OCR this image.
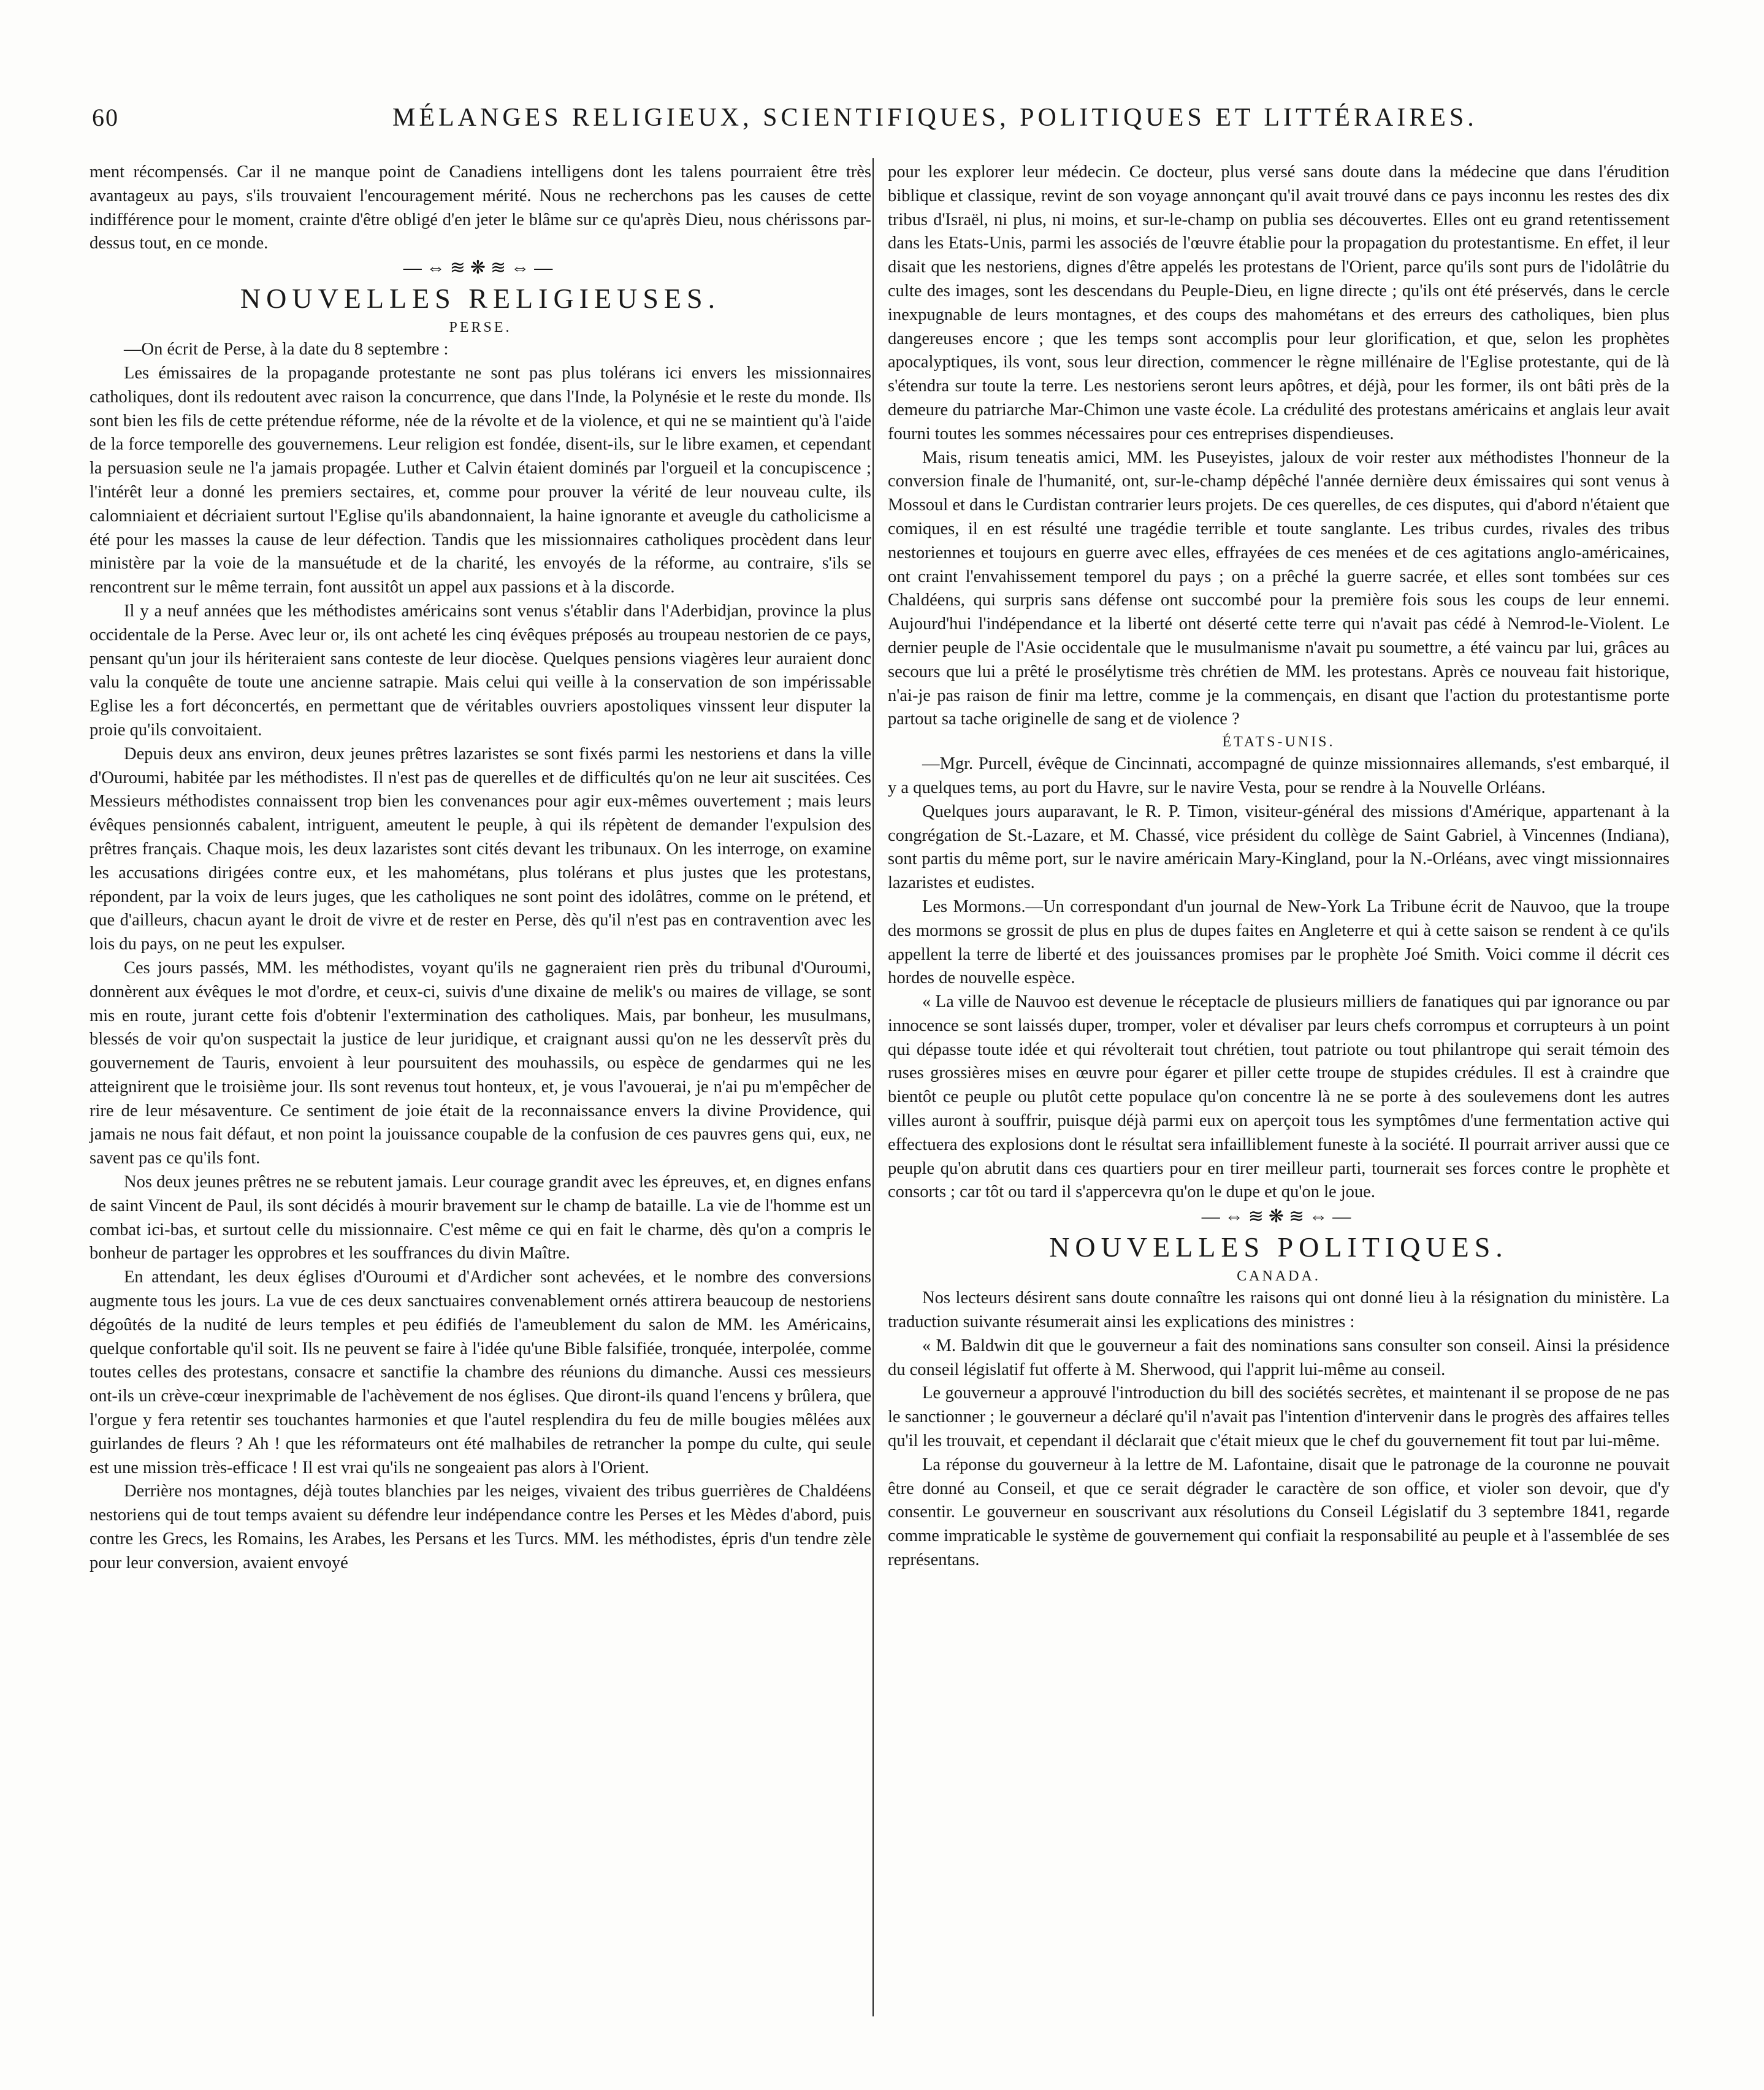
60	MÉLANGES RELIGIEUX, SCIENTIFIQUES, POLITIQUES ET LITTÉRAIRES.

ment récompensés. Car il ne manque point de Canadiens intelligens dont les talens pourraient être très avantageux au pays, s'ils trouvaient l'encouragement mérité. Nous ne recherchons pas les causes de cette indifférence pour le moment, crainte d'être obligé d'en jeter le blâme sur ce qu'après Dieu, nous chérissons par-dessus tout, en ce monde.

—⇔≋❋≋⇔—
NOUVELLES RELIGIEUSES.
PERSE.

—On écrit de Perse, à la date du 8 septembre :

Les émissaires de la propagande protestante ne sont pas plus tolérans ici envers les missionnaires catholiques, dont ils redoutent avec raison la concurrence, que dans l'Inde, la Polynésie et le reste du monde. Ils sont bien les fils de cette prétendue réforme, née de la révolte et de la violence, et qui ne se maintient qu'à l'aide de la force temporelle des gouvernemens. Leur religion est fondée, disent-ils, sur le libre examen, et cependant la persuasion seule ne l'a jamais propagée. Luther et Calvin étaient dominés par l'orgueil et la concupiscence ; l'intérêt leur a donné les premiers sectaires, et, comme pour prouver la vérité de leur nouveau culte, ils calomniaient et décriaient surtout l'Eglise qu'ils abandonnaient, la haine ignorante et aveugle du catholicisme a été pour les masses la cause de leur défection. Tandis que les missionnaires catholiques procèdent dans leur ministère par la voie de la mansuétude et de la charité, les envoyés de la réforme, au contraire, s'ils se rencontrent sur le même terrain, font aussitôt un appel aux passions et à la discorde.

Il y a neuf années que les méthodistes américains sont venus s'établir dans l'Aderbidjan, province la plus occidentale de la Perse. Avec leur or, ils ont acheté les cinq évêques préposés au troupeau nestorien de ce pays, pensant qu'un jour ils hériteraient sans conteste de leur diocèse. Quelques pensions viagères leur auraient donc valu la conquête de toute une ancienne satrapie. Mais celui qui veille à la conservation de son impérissable Eglise les a fort déconcertés, en permettant que de véritables ouvriers apostoliques vinssent leur disputer la proie qu'ils convoitaient.

Depuis deux ans environ, deux jeunes prêtres lazaristes se sont fixés parmi les nestoriens et dans la ville d'Ouroumi, habitée par les méthodistes. Il n'est pas de querelles et de difficultés qu'on ne leur ait suscitées. Ces Messieurs méthodistes connaissent trop bien les convenances pour agir eux-mêmes ouvertement ; mais leurs évêques pensionnés cabalent, intriguent, ameutent le peuple, à qui ils répètent de demander l'expulsion des prêtres français. Chaque mois, les deux lazaristes sont cités devant les tribunaux. On les interroge, on examine les accusations dirigées contre eux, et les mahométans, plus tolérans et plus justes que les protestans, répondent, par la voix de leurs juges, que les catholiques ne sont point des idolâtres, comme on le prétend, et que d'ailleurs, chacun ayant le droit de vivre et de rester en Perse, dès qu'il n'est pas en contravention avec les lois du pays, on ne peut les expulser.

Ces jours passés, MM. les méthodistes, voyant qu'ils ne gagneraient rien près du tribunal d'Ouroumi, donnèrent aux évêques le mot d'ordre, et ceux-ci, suivis d'une dixaine de melik's ou maires de village, se sont mis en route, jurant cette fois d'obtenir l'extermination des catholiques. Mais, par bonheur, les musulmans, blessés de voir qu'on suspectait la justice de leur juridique, et craignant aussi qu'on ne les desservît près du gouvernement de Tauris, envoient à leur poursuitent des mouhassils, ou espèce de gendarmes qui ne les atteignirent que le troisième jour. Ils sont revenus tout honteux, et, je vous l'avouerai, je n'ai pu m'empêcher de rire de leur mésaventure. Ce sentiment de joie était de la reconnaissance envers la divine Providence, qui jamais ne nous fait défaut, et non point la jouissance coupable de la confusion de ces pauvres gens qui, eux, ne savent pas ce qu'ils font.

Nos deux jeunes prêtres ne se rebutent jamais. Leur courage grandit avec les épreuves, et, en dignes enfans de saint Vincent de Paul, ils sont décidés à mourir bravement sur le champ de bataille. La vie de l'homme est un combat ici-bas, et surtout celle du missionnaire. C'est même ce qui en fait le charme, dès qu'on a compris le bonheur de partager les opprobres et les souffrances du divin Maître.

En attendant, les deux églises d'Ouroumi et d'Ardicher sont achevées, et le nombre des conversions augmente tous les jours. La vue de ces deux sanctuaires convenablement ornés attirera beaucoup de nestoriens dégoûtés de la nudité de leurs temples et peu édifiés de l'ameublement du salon de MM. les Américains, quelque confortable qu'il soit. Ils ne peuvent se faire à l'idée qu'une Bible falsifiée, tronquée, interpolée, comme toutes celles des protestans, consacre et sanctifie la chambre des réunions du dimanche. Aussi ces messieurs ont-ils un crève-cœur inexprimable de l'achèvement de nos églises. Que diront-ils quand l'encens y brûlera, que l'orgue y fera retentir ses touchantes harmonies et que l'autel resplendira du feu de mille bougies mêlées aux guirlandes de fleurs ? Ah ! que les réformateurs ont été malhabiles de retrancher la pompe du culte, qui seule est une mission très-efficace ! Il est vrai qu'ils ne songeaient pas alors à l'Orient.

Derrière nos montagnes, déjà toutes blanchies par les neiges, vivaient des tribus guerrières de Chaldéens nestoriens qui de tout temps avaient su défendre leur indépendance contre les Perses et les Mèdes d'abord, puis contre les Grecs, les Romains, les Arabes, les Persans et les Turcs. MM. les méthodistes, épris d'un tendre zèle pour leur conversion, avaient envoyé

pour les explorer leur médecin. Ce docteur, plus versé sans doute dans la médecine que dans l'érudition biblique et classique, revint de son voyage annonçant qu'il avait trouvé dans ce pays inconnu les restes des dix tribus d'Israël, ni plus, ni moins, et sur-le-champ on publia ses découvertes. Elles ont eu grand retentissement dans les Etats-Unis, parmi les associés de l'œuvre établie pour la propagation du protestantisme. En effet, il leur disait que les nestoriens, dignes d'être appelés les protestans de l'Orient, parce qu'ils sont purs de l'idolâtrie du culte des images, sont les descendans du Peuple-Dieu, en ligne directe ; qu'ils ont été préservés, dans le cercle inexpugnable de leurs montagnes, et des coups des mahométans et des erreurs des catholiques, bien plus dangereuses encore ; que les temps sont accomplis pour leur glorification, et que, selon les prophètes apocalyptiques, ils vont, sous leur direction, commencer le règne millénaire de l'Eglise protestante, qui de là s'étendra sur toute la terre. Les nestoriens seront leurs apôtres, et déjà, pour les former, ils ont bâti près de la demeure du patriarche Mar-Chimon une vaste école. La crédulité des protestans américains et anglais leur avait fourni toutes les sommes nécessaires pour ces entreprises dispendieuses.

Mais, risum teneatis amici, MM. les Puseyistes, jaloux de voir rester aux méthodistes l'honneur de la conversion finale de l'humanité, ont, sur-le-champ dépêché l'année dernière deux émissaires qui sont venus à Mossoul et dans le Curdistan contrarier leurs projets. De ces querelles, de ces disputes, qui d'abord n'étaient que comiques, il en est résulté une tragédie terrible et toute sanglante. Les tribus curdes, rivales des tribus nestoriennes et toujours en guerre avec elles, effrayées de ces menées et de ces agitations anglo-américaines, ont craint l'envahissement temporel du pays ; on a prêché la guerre sacrée, et elles sont tombées sur ces Chaldéens, qui surpris sans défense ont succombé pour la première fois sous les coups de leur ennemi. Aujourd'hui l'indépendance et la liberté ont déserté cette terre qui n'avait pas cédé à Nemrod-le-Violent. Le dernier peuple de l'Asie occidentale que le musulmanisme n'avait pu soumettre, a été vaincu par lui, grâces au secours que lui a prêté le prosélytisme très chrétien de MM. les protestans. Après ce nouveau fait historique, n'ai-je pas raison de finir ma lettre, comme je la commençais, en disant que l'action du protestantisme porte partout sa tache originelle de sang et de violence ?

ÉTATS-UNIS.

—Mgr. Purcell, évêque de Cincinnati, accompagné de quinze missionnaires allemands, s'est embarqué, il y a quelques tems, au port du Havre, sur le navire Vesta, pour se rendre à la Nouvelle Orléans.

Quelques jours auparavant, le R. P. Timon, visiteur-général des missions d'Amérique, appartenant à la congrégation de St.-Lazare, et M. Chassé, vice président du collège de Saint Gabriel, à Vincennes (Indiana), sont partis du même port, sur le navire américain Mary-Kingland, pour la N.-Orléans, avec vingt missionnaires lazaristes et eudistes.

Les Mormons.—Un correspondant d'un journal de New-York La Tribune écrit de Nauvoo, que la troupe des mormons se grossit de plus en plus de dupes faites en Angleterre et qui à cette saison se rendent à ce qu'ils appellent la terre de liberté et des jouissances promises par le prophète Joé Smith. Voici comme il décrit ces hordes de nouvelle espèce.

« La ville de Nauvoo est devenue le réceptacle de plusieurs milliers de fanatiques qui par ignorance ou par innocence se sont laissés duper, tromper, voler et dévaliser par leurs chefs corrompus et corrupteurs à un point qui dépasse toute idée et qui révolterait tout chrétien, tout patriote ou tout philantrope qui serait témoin des ruses grossières mises en œuvre pour égarer et piller cette troupe de stupides crédules. Il est à craindre que bientôt ce peuple ou plutôt cette populace qu'on concentre là ne se porte à des soulevemens dont les autres villes auront à souffrir, puisque déjà parmi eux on aperçoit tous les symptômes d'une fermentation active qui effectuera des explosions dont le résultat sera infailliblement funeste à la société. Il pourrait arriver aussi que ce peuple qu'on abrutit dans ces quartiers pour en tirer meilleur parti, tournerait ses forces contre le prophète et consorts ; car tôt ou tard il s'appercevra qu'on le dupe et qu'on le joue.

—⇔≋❋≋⇔—
NOUVELLES POLITIQUES.
CANADA.

Nos lecteurs désirent sans doute connaître les raisons qui ont donné lieu à la résignation du ministère. La traduction suivante résumerait ainsi les explications des ministres :

« M. Baldwin dit que le gouverneur a fait des nominations sans consulter son conseil. Ainsi la présidence du conseil législatif fut offerte à M. Sherwood, qui l'apprit lui-même au conseil.

Le gouverneur a approuvé l'introduction du bill des sociétés secrètes, et maintenant il se propose de ne pas le sanctionner ; le gouverneur a déclaré qu'il n'avait pas l'intention d'intervenir dans le progrès des affaires telles qu'il les trouvait, et cependant il déclarait que c'était mieux que le chef du gouvernement fit tout par lui-même.

La réponse du gouverneur à la lettre de M. Lafontaine, disait que le patronage de la couronne ne pouvait être donné au Conseil, et que ce serait dégrader le caractère de son office, et violer son devoir, que d'y consentir. Le gouverneur en souscrivant aux résolutions du Conseil Législatif du 3 septembre 1841, regarde comme impraticable le système de gouvernement qui confiait la responsabilité au peuple et à l'assemblée de ses représentans.
